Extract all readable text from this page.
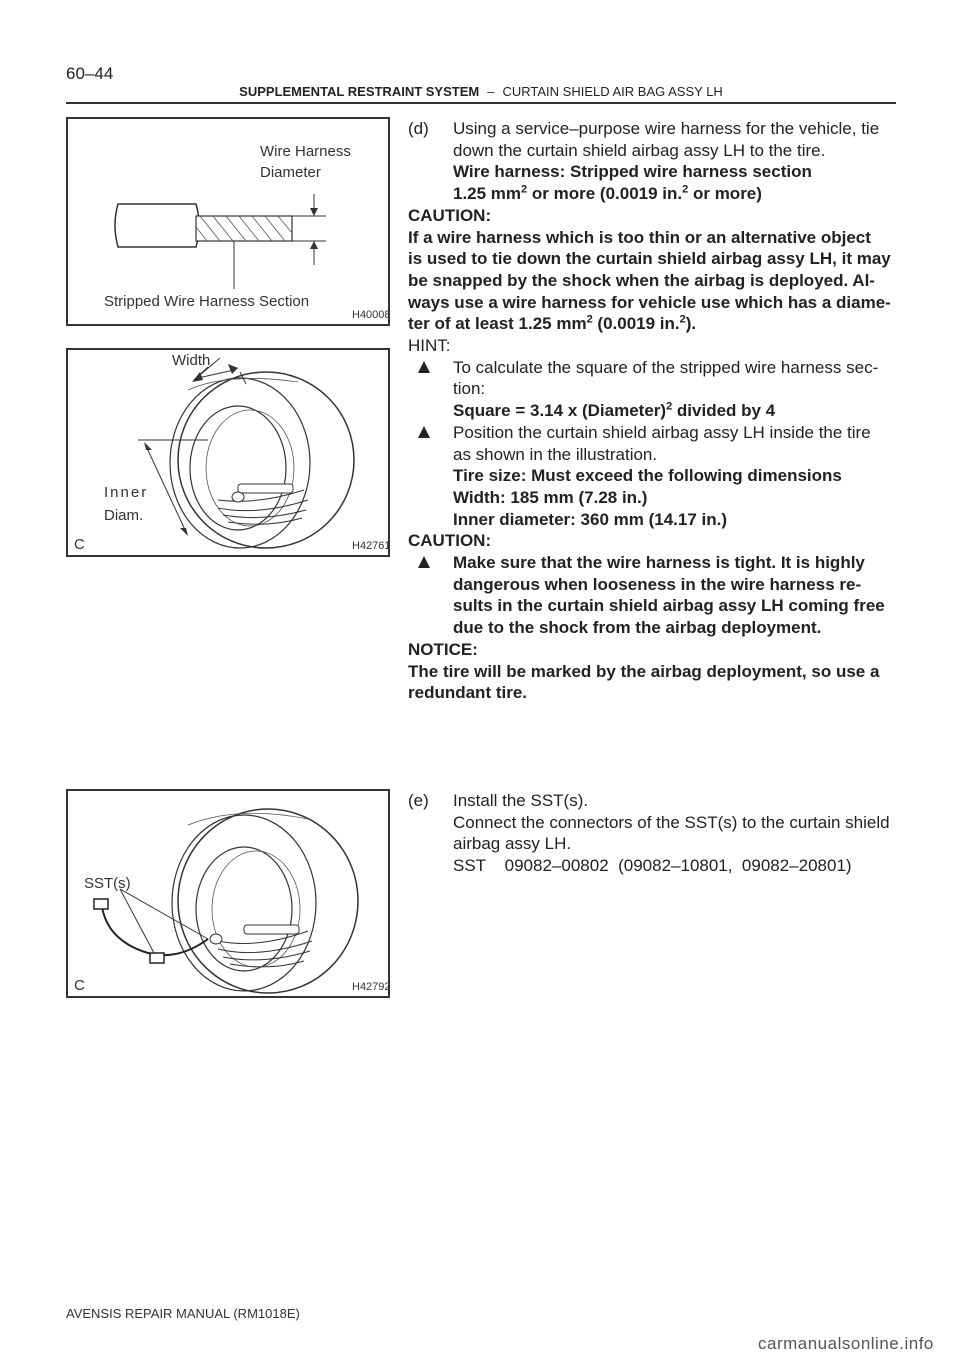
60–44
SUPPLEMENTAL RESTRAINT SYSTEM – CURTAIN SHIELD AIR BAG ASSY LH
Wire Harness
Diameter
Stripped Wire Harness Section
H40008
Width
Inner
Diam.
C	H42761
SST(s)
C	H42792
(d)	Using a service–purpose wire harness for the vehicle, tie
down the curtain shield airbag assy LH to the tire.
Wire harness: Stripped wire harness section
1.25 $mm^2$ or more (0.0019 in.$^2$ or more)
CAUTION:
If a wire harness which is too thin or an alternative object
is used to tie down the curtain shield airbag assy LH, it may
be snapped by the shock when the airbag is deployed. Al-
ways use a wire harness for vehicle use which has a diame-
ter of at least 1.25 $mm^2$ (0.0019 in.$^2$).
HINT:
To calculate the square of the stripped wire harness sec-
tion:
Square = 3.14 x (Diameter)$^2$ divided by 4
Position the curtain shield airbag assy LH inside the tire
as shown in the illustration.
Tire size: Must exceed the following dimensions
Width: 185 mm (7.28 in.)
Inner diameter: 360 mm (14.17 in.)
CAUTION:
Make sure that the wire harness is tight. It is highly
dangerous when looseness in the wire harness re-
sults in the curtain shield airbag assy LH coming free
due to the shock from the airbag deployment.
NOTICE:
The tire will be marked by the airbag deployment, so use a
redundant tire.
(e)	Install the SST(s).
Connect the connectors of the SST(s) to the curtain shield
airbag assy LH.
SST    09082–00802  (09082–10801,  09082–20801)
AVENSIS REPAIR MANUAL (RM1018E)
carmanualsonline.info
